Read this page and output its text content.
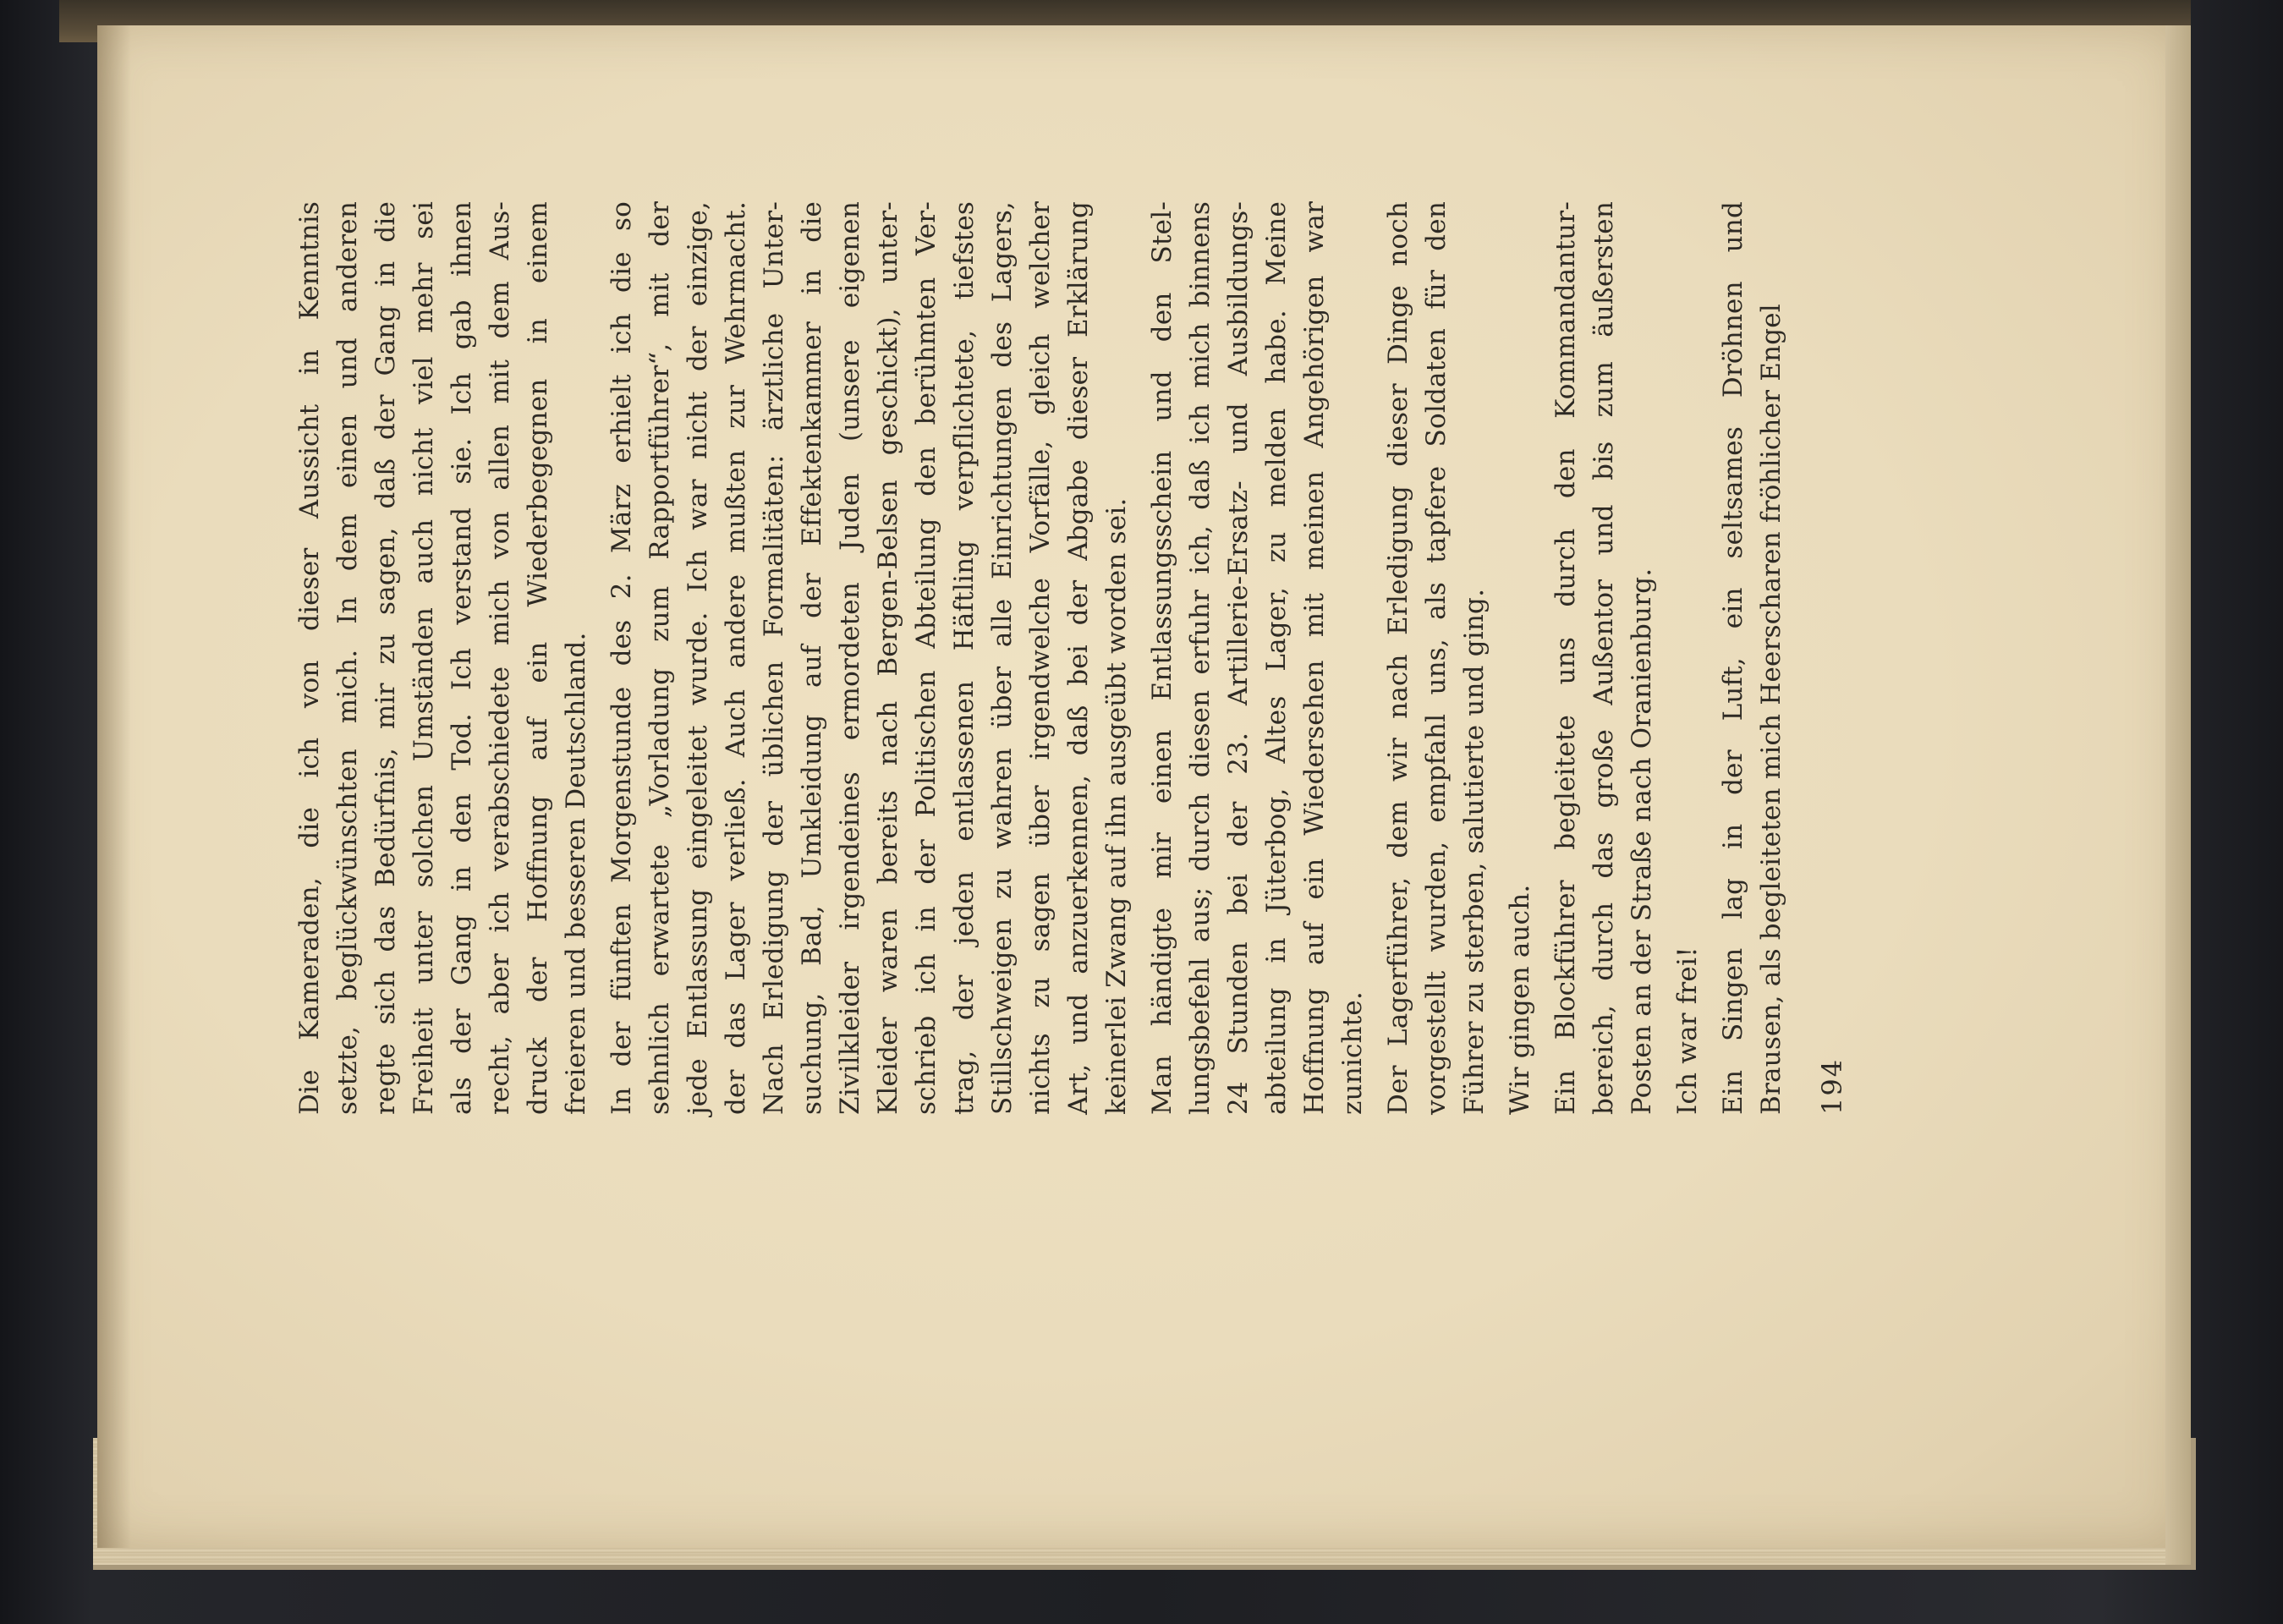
Die Kameraden, die ich von dieser Aussicht in Kenntnis setzte, beglückwünschten mich. In dem einen und anderen regte sich das Bedürfnis, mir zu sagen, daß der Gang in die Freiheit unter solchen Umständen auch nicht viel mehr sei als der Gang in den Tod. Ich verstand sie. Ich gab ihnen recht, aber ich verabschiedete mich von allen mit dem Aus- druck der Hoffnung auf ein Wiederbegegnen in einem freieren und besseren Deutschland. In der fünften Morgenstunde des 2. März erhielt ich die so sehnlich erwartete „Vorladung zum Rapportführer“, mit der jede Entlassung eingeleitet wurde. Ich war nicht der einzige, der das Lager verließ. Auch andere mußten zur Wehrmacht. Nach Erledigung der üblichen Formalitäten: ärztliche Unter- suchung, Bad, Umkleidung auf der Effektenkammer in die Zivilkleider irgendeines ermordeten Juden (unsere eigenen Kleider waren bereits nach Bergen-Belsen geschickt), unter- schrieb ich in der Politischen Abteilung den berühmten Ver- trag, der jeden entlassenen Häftling verpflichtete, tiefstes Stillschweigen zu wahren über alle Einrichtungen des Lagers, nichts zu sagen über irgendwelche Vorfälle, gleich welcher Art, und anzuerkennen, daß bei der Abgabe dieser Erklärung keinerlei Zwang auf ihn ausgeübt worden sei. Man händigte mir einen Entlassungsschein und den Stel- lungsbefehl aus; durch diesen erfuhr ich, daß ich mich binnens 24 Stunden bei der 23. Artillerie-Ersatz- und Ausbildungs- abteilung in Jüterbog, Altes Lager, zu melden habe. Meine Hoffnung auf ein Wiedersehen mit meinen Angehörigen war zunichte. Der Lagerführer, dem wir nach Erledigung dieser Dinge noch vorgestellt wurden, empfahl uns, als tapfere Soldaten für den Führer zu sterben, salutierte und ging. Wir gingen auch. Ein Blockführer begleitete uns durch den Kommandantur- bereich, durch das große Außentor und bis zum äußersten Posten an der Straße nach Oranienburg. Ich war frei! Ein Singen lag in der Luft, ein seltsames Dröhnen und Brausen, als begleiteten mich Heerscharen fröhlicher Engel 194
